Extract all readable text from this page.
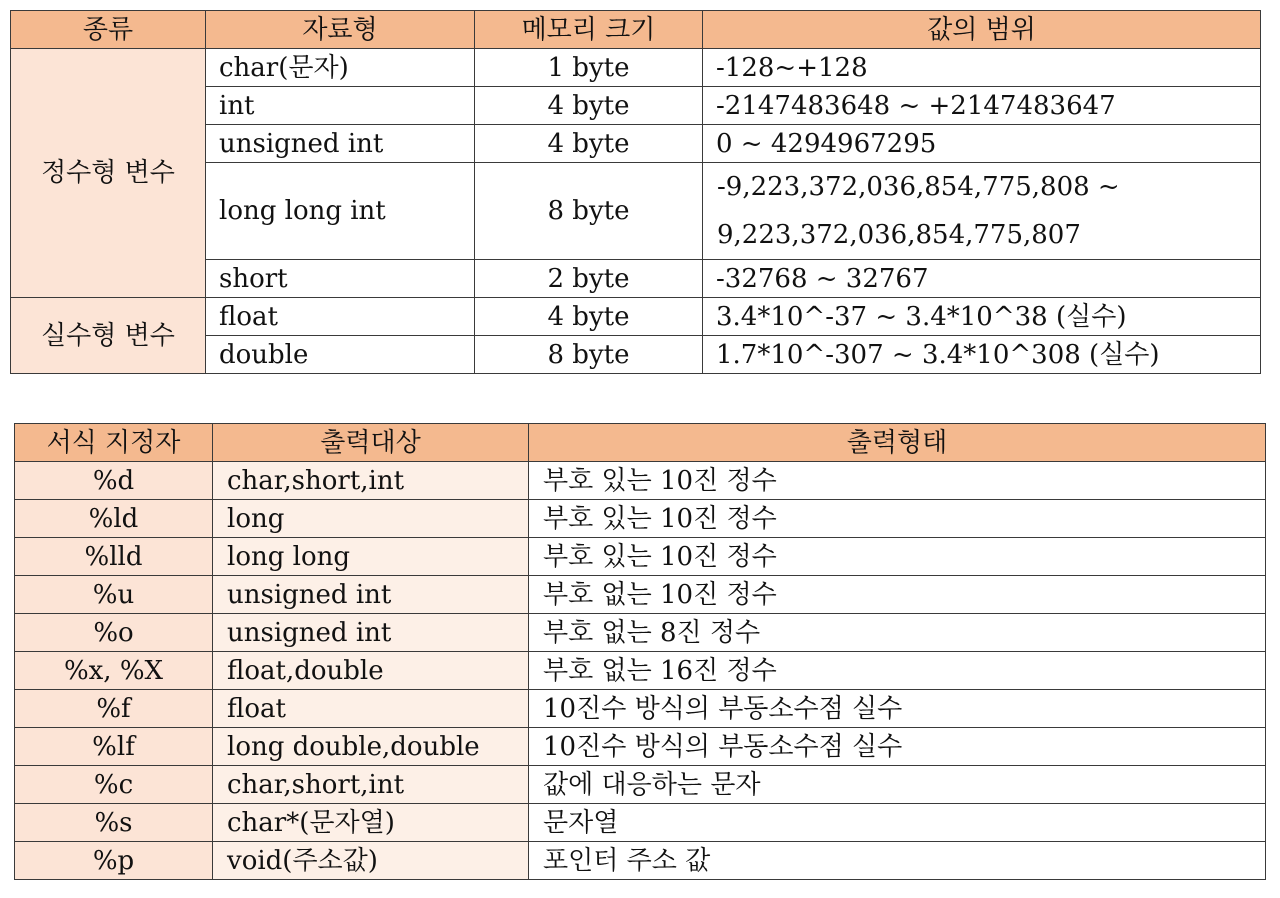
종류	자료형	메모리 크기	값의 범위
정수형 변수	char(문자)	1 byte	-128~+128
	int	4 byte	-2147483648 ~ +2147483647
	unsigned int	4 byte	0 ~ 4294967295
	long long int	8 byte	-9,223,372,036,854,775,808 ~
9,223,372,036,854,775,807

	short	2 byte	-32768 ~ 32767
실수형 변수	float	4 byte	3.4*10^-37 ~ 3.4*10^38 (실수)
	double	8 byte	1.7*10^-307 ~ 3.4*10^308 (실수)
서식 지정자	출력대상	출력형태
%d	char,short,int	부호 있는 10진 정수
%ld	long	부호 있는 10진 정수
%lld	long long	부호 있는 10진 정수
%u	unsigned int	부호 없는 10진 정수
%o	unsigned int	부호 없는 8진 정수
%x, %X	float,double	부호 없는 16진 정수
%f	float	10진수 방식의 부동소수점 실수
%lf	long double,double	10진수 방식의 부동소수점 실수
%c	char,short,int	값에 대응하는 문자
%s	char*(문자열)	문자열
%p	void(주소값)	포인터 주소 값
